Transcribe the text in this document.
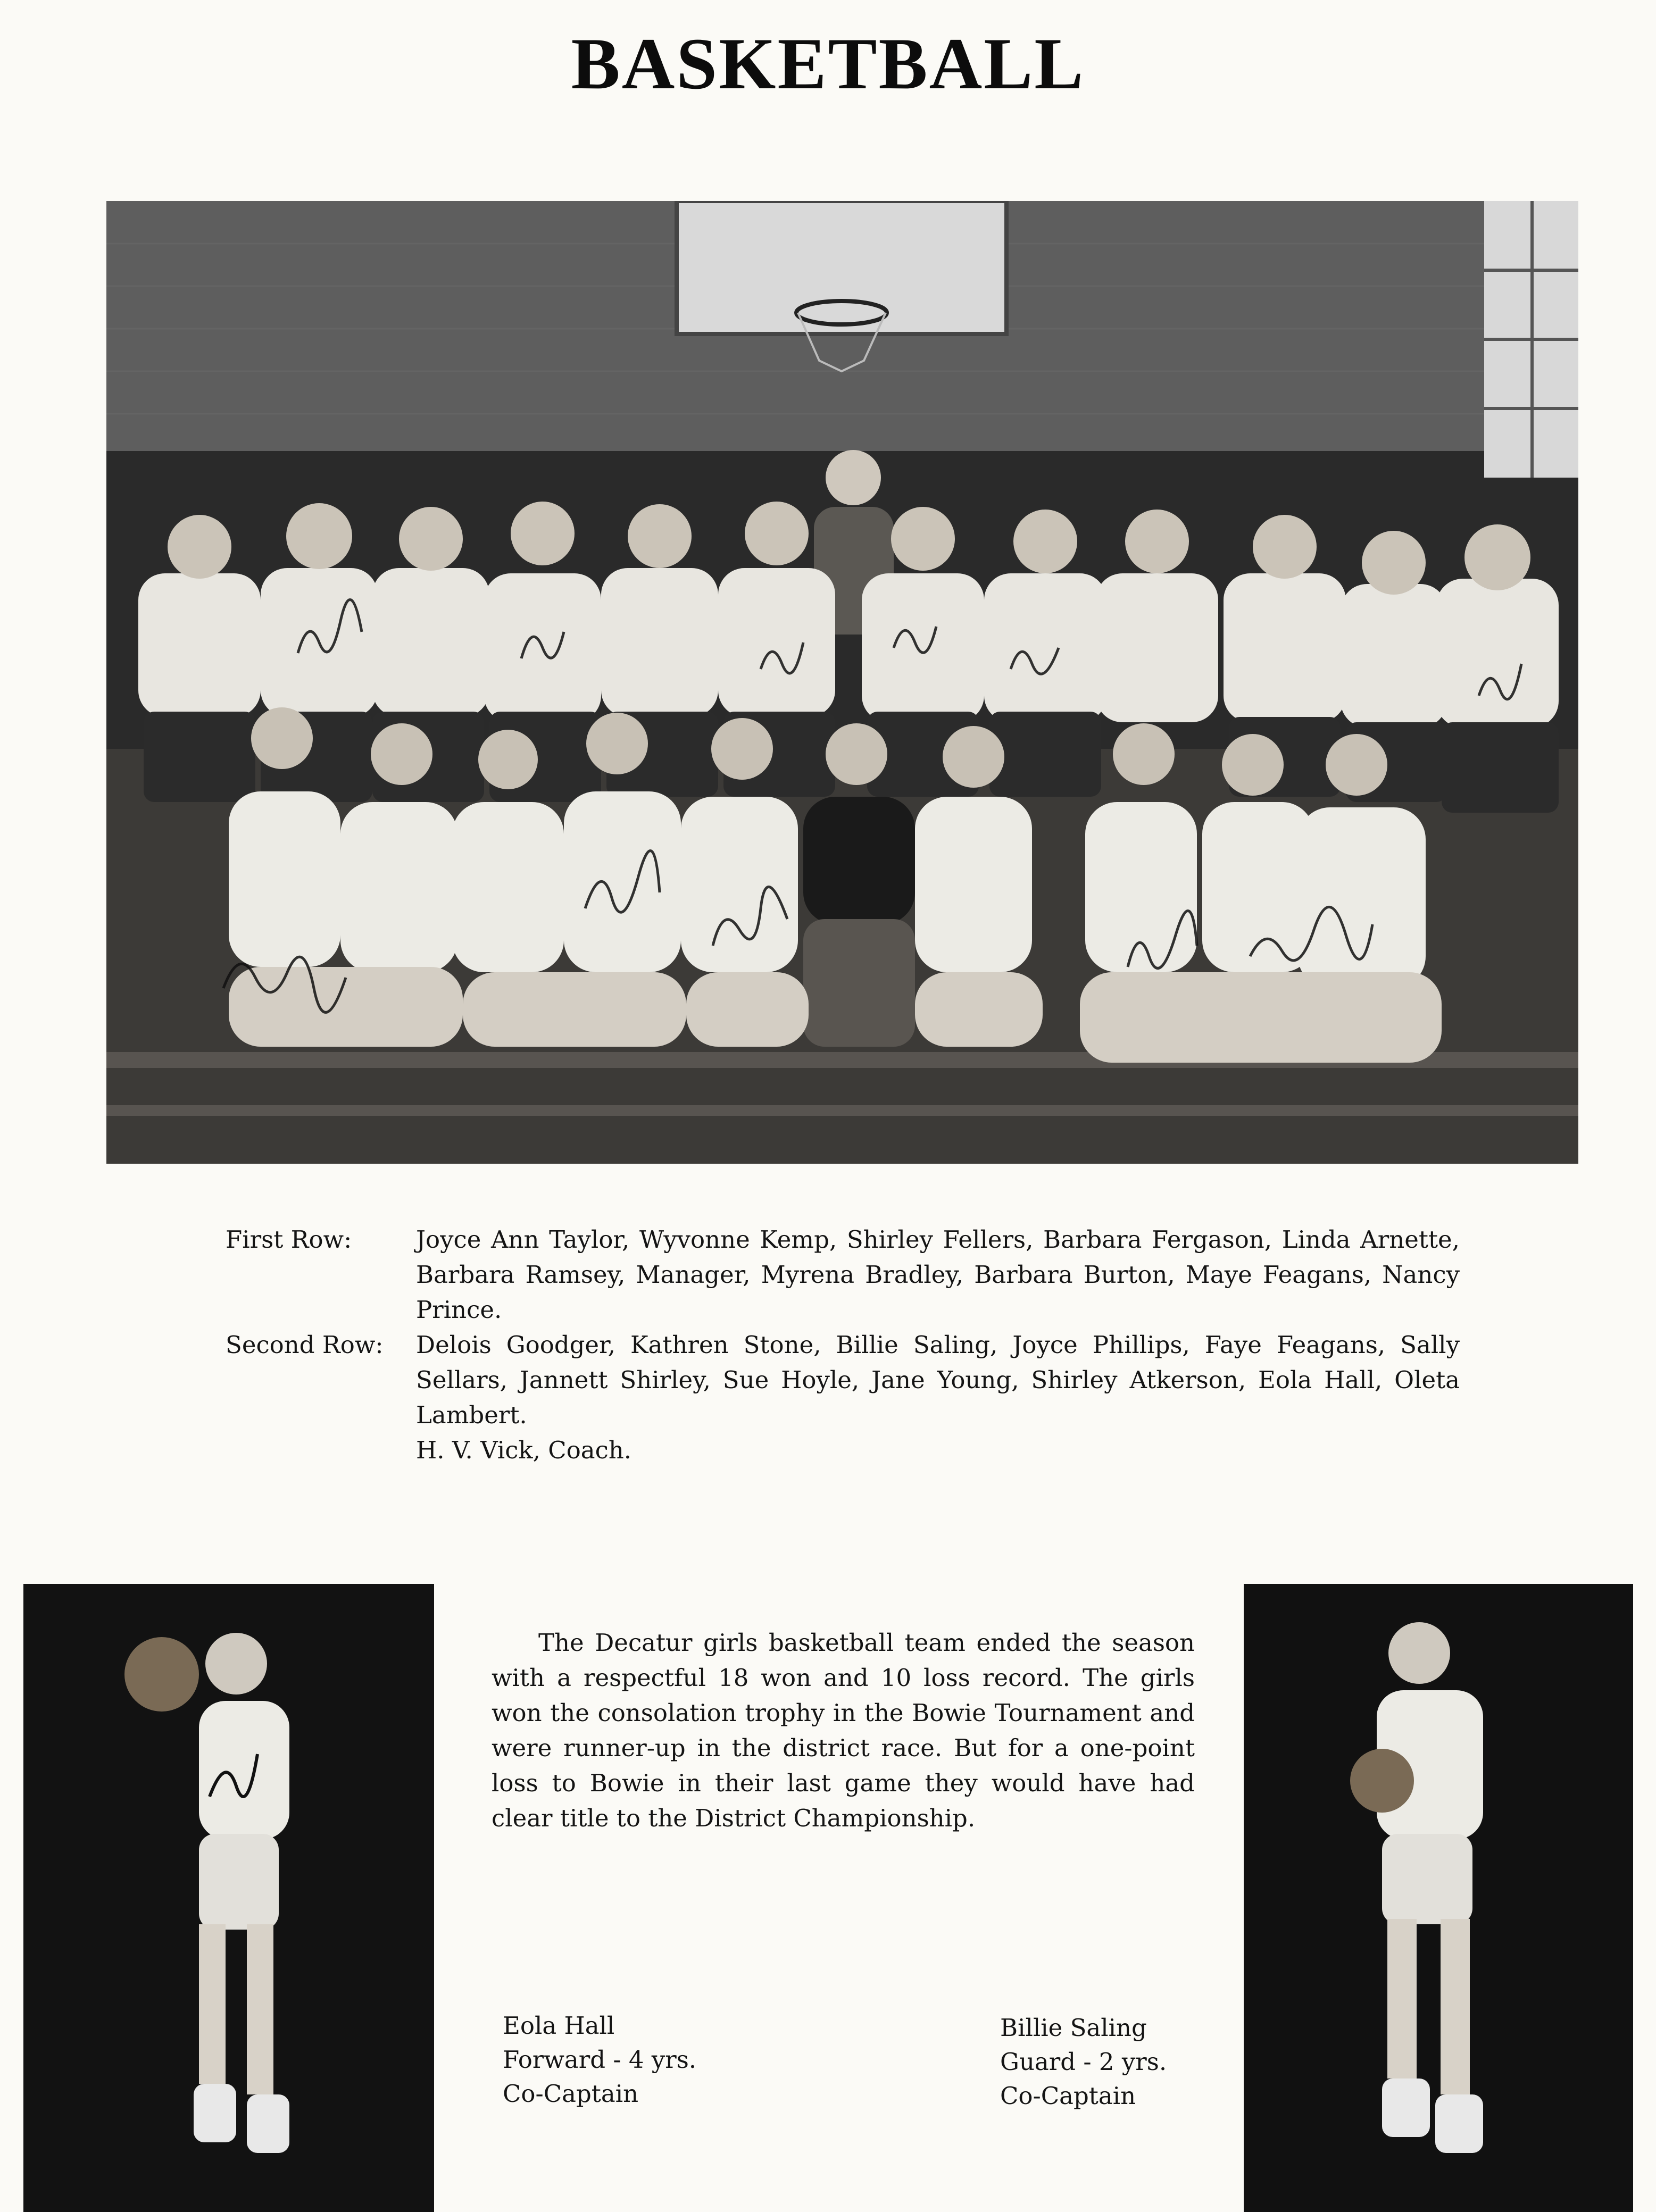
BASKETBALL
First Row:	Joyce Ann Taylor, Wyvonne Kemp, Shirley Fellers, Barbara Fergason, Linda Arnette, Barbara Ramsey, Manager, Myrena Bradley, Barbara Burton, Maye Feagans, Nancy Prince.
Second Row:	Delois Goodger, Kathren Stone, Billie Saling, Joyce Phillips, Faye Feagans, Sally Sellars, Jannett Shirley, Sue Hoyle, Jane Young, Shirley Atkerson, Eola Hall, Oleta Lambert.
H. V. Vick, Coach.
The Decatur girls basketball team ended the season with a respectful 18 won and 10 loss record. The girls won the consolation trophy in the Bowie Tournament and were runner-up in the district race. But for a one-point loss to Bowie in their last game they would have had clear title to the District Championship.
Eola Hall
Forward - 4 yrs.
Co-Captain
Billie Saling
Guard - 2 yrs.
Co-Captain
